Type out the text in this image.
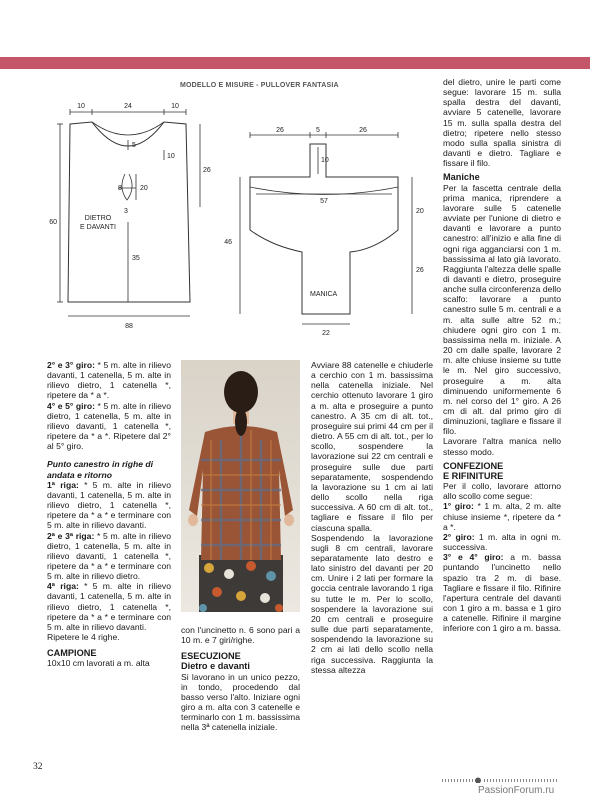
MODELLO E MISURE - PULLOVER FANTASIA
10	24	10
5
10
26
8	20
3
60
35
88
DIETRO
E DAVANTI
26	5	26
10
57
20
46
26
22
MANICA

del dietro, unire le parti come segue: lavorare 15 m. sulla spalla destra del davanti, avviare 5 catenelle, lavorare 15 m. sulla spalla destra del dietro; ripetere nello stesso modo sulla spalla sinistra di davanti e dietro. Tagliare e fissare il filo.

Maniche

Per la fascetta centrale della prima manica, riprendere a lavorare sulle 5 catenelle avviate per l'unione di dietro e davanti e lavorare a punto canestro: all'inizio e alla fine di ogni riga agganciarsi con 1 m. bassissima al lato già lavorato. Raggiunta l'altezza delle spalle di davanti e dietro, proseguire anche sulla circonferenza dello scalfo: lavorare a punto canestro sulle 5 m. centrali e a m. alta sulle altre 52 m.; chiudere ogni giro con 1 m. bassissima nella m. iniziale. A 20 cm dalle spalle, lavorare 2 m. alte chiuse insieme su tutte le m. Nel giro successivo, proseguire a m. alta diminuendo uniformemente 6 m. nel corso del 1° giro. A 26 cm di alt. dal primo giro di diminuzioni, tagliare e fissare il filo.

Lavorare l'altra manica nello stesso modo.

CONFEZIONE

E RIFINITURE

Per il collo, lavorare attorno allo scollo come segue:

1° giro: * 1 m. alta, 2 m. alte chiuse insieme *, ripetere da * a *.

2° giro: 1 m. alta in ogni m. successiva.

3° e 4° giro: a m. bassa puntando l'uncinetto nello spazio tra 2 m. di base. Tagliare e fissare il filo. Rifinire l'apertura centrale del davanti con 1 giro a m. bassa e 1 giro a catenelle. Rifinire il margine inferiore con 1 giro a m. bassa.

2° e 3° giro: * 5 m. alte in rilievo davanti, 1 catenella, 5 m. alte in rilievo dietro, 1 catenella *, ripetere da * a *.

4° e 5° giro: * 5 m. alte in rilievo dietro, 1 catenella, 5 m. alte in rilievo davanti, 1 catenella *, ripetere da * a *. Ripetere dal 2° al 5° giro.

Punto canestro in righe di andata e ritorno

1ª riga: * 5 m. alte in rilievo davanti, 1 catenella, 5 m. alte in rilievo dietro, 1 catenella *, ripetere da * a * e terminare con 5 m. alte in rilievo davanti.

2ª e 3ª riga: * 5 m. alte in rilievo dietro, 1 catenella, 5 m. alte in rilievo davanti, 1 catenella *, ripetere da * a * e terminare con 5 m. alte in rilievo dietro.

4ª riga: * 5 m. alte in rilievo davanti, 1 catenella, 5 m. alte in rilievo dietro, 1 catenella *, ripetere da * a * e terminare con 5 m. alte in rilievo davanti.

Ripetere le 4 righe.

CAMPIONE

10x10 cm lavorati a m. alta

con l'uncinetto n. 6 sono pari a 10 m. e 7 giri/righe.

ESECUZIONE

Dietro e davanti

Si lavorano in un unico pezzo, in tondo, procedendo dal basso verso l'alto. Iniziare ogni giro a m. alta con 3 catenelle e terminarlo con 1 m. bassissima nella 3ª catenella iniziale.

Avviare 88 catenelle e chiuderle a cerchio con 1 m. bassissima nella catenella iniziale. Nel cerchio ottenuto lavorare 1 giro a m. alta e proseguire a punto canestro. A 35 cm di alt. tot., proseguire sui primi 44 cm per il dietro. A 55 cm di alt. tot., per lo scollo, sospendere la lavorazione sui 22 cm centrali e proseguire sulle due parti separatamente, sospendendo la lavorazione su 1 cm ai lati dello scollo nella riga successiva. A 60 cm di alt. tot., tagliare e fissare il filo per ciascuna spalla.

Sospendendo la lavorazione sugli 8 cm centrali, lavorare separatamente lato destro e lato sinistro del davanti per 20 cm. Unire i 2 lati per formare la goccia centrale lavorando 1 riga su tutte le m. Per lo scollo, sospendere la lavorazione sui 20 cm centrali e proseguire sulle due parti separatamente, sospendendo la lavorazione su 2 cm ai lati dello scollo nella riga successiva. Raggiunta la stessa altezza

32
PassionForum.ru
